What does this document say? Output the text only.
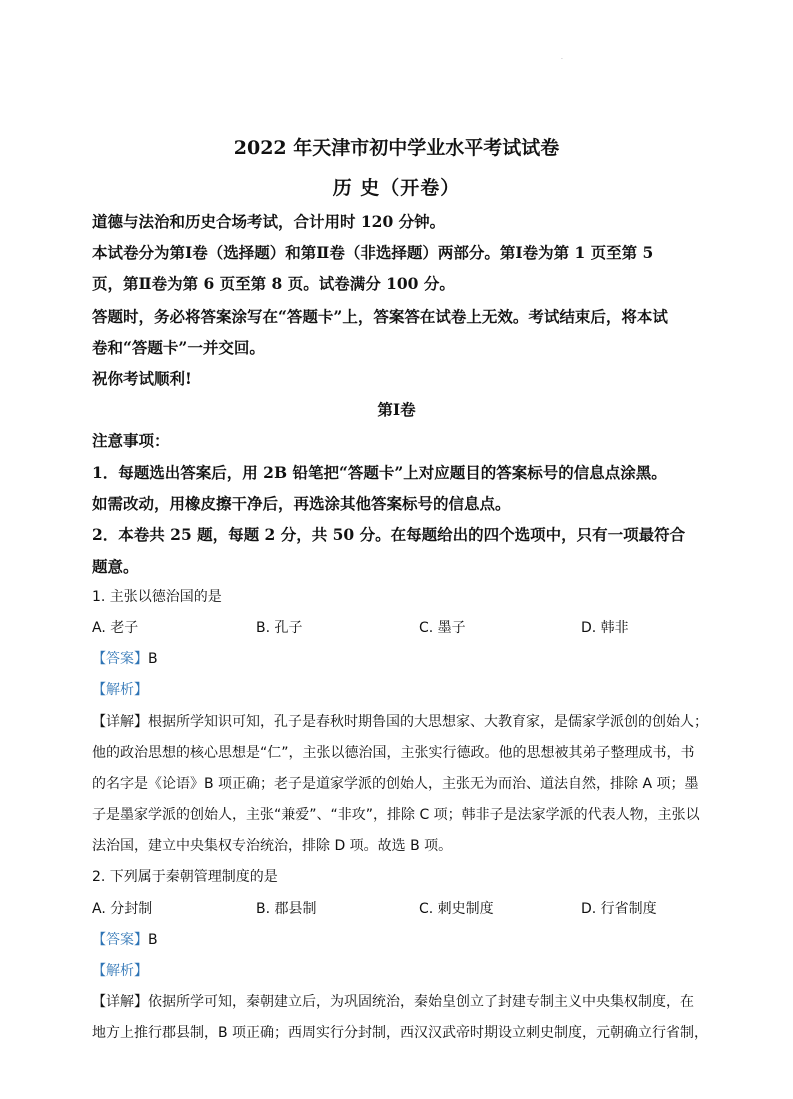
·
2022 年天津市初中学业水平考试试卷
历 史（开卷）
道德与法治和历史合场考试，合计用时 120 分钟。
本试卷分为第Ⅰ卷（选择题）和第Ⅱ卷（非选择题）两部分。第Ⅰ卷为第 1 页至第 5
页，第Ⅱ卷为第 6 页至第 8 页。试卷满分 100 分。
答题时，务必将答案涂写在“答题卡”上，答案答在试卷上无效。考试结束后，将本试
卷和“答题卡”一并交回。
祝你考试顺利!
第Ⅰ卷
注意事项：
1．每题选出答案后，用 2B 铅笔把“答题卡”上对应题目的答案标号的信息点涂黑。
如需改动，用橡皮擦干净后，再选涂其他答案标号的信息点。
2．本卷共 25 题，每题 2 分，共 50 分。在每题给出的四个选项中，只有一项最符合
题意。
1. 主张以德治国的是
A. 老子	B. 孔子	C. 墨子	D. 韩非
【答案】B
【解析】
【详解】根据所学知识可知，孔子是春秋时期鲁国的大思想家、大教育家，是儒家学派创的创始人；
他的政治思想的核心思想是“仁”，主张以德治国，主张实行德政。他的思想被其弟子整理成书，书
的名字是《论语》B 项正确；老子是道家学派的创始人，主张无为而治、道法自然，排除 A 项；墨
子是墨家学派的创始人，主张“兼爱”、“非攻”，排除 C 项；韩非子是法家学派的代表人物，主张以
法治国，建立中央集权专治统治，排除 D 项。故选 B 项。
2. 下列属于秦朝管理制度的是
A. 分封制	B. 郡县制	C. 刺史制度	D. 行省制度
【答案】B
【解析】
【详解】依据所学可知，秦朝建立后，为巩固统治，秦始皇创立了封建专制主义中央集权制度，在
地方上推行郡县制，B 项正确；西周实行分封制，西汉汉武帝时期设立刺史制度，元朝确立行省制，
